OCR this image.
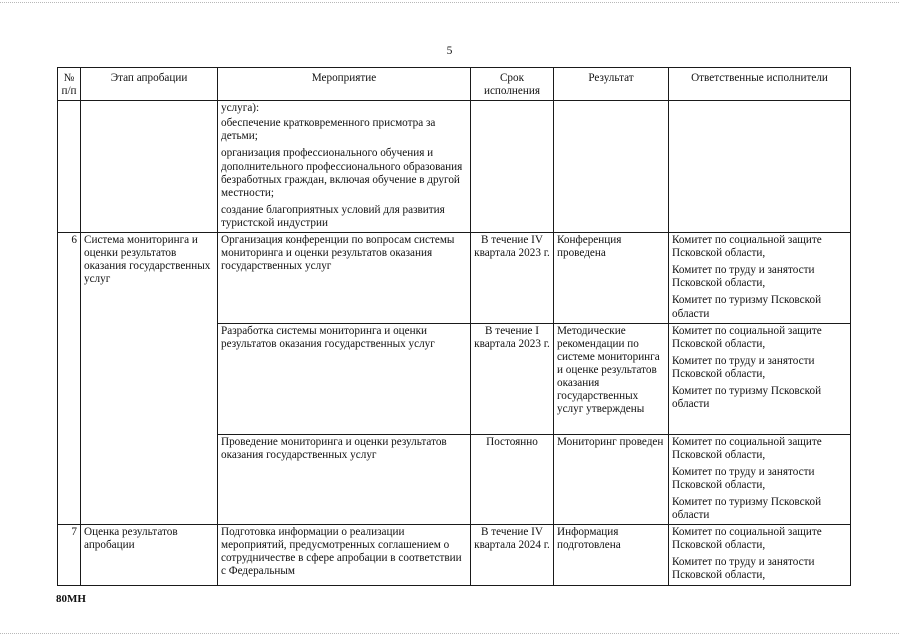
5
№ п/п	Этап апробации	Мероприятие	Срок исполнения	Результат	Ответственные исполнители

		услуга):
обеспечение кратковременного присмотра за детьми;
организация профессионального обучения и дополнительного профессионального образования безработных граждан, включая обучение в другой местности;
создание благоприятных условий для развития туристской индустрии			

6	Система мониторинга и оценки результатов оказания государственных услуг	Организация конференции по вопросам системы мониторинга и оценки результатов оказания государственных услуг	В течение IV квартала 2023 г.	Конференция проведена	Комитет по социальной защите Псковской области,
Комитет по труду и занятости Псковской области,
Комитет по туризму Псковской области

		Разработка системы мониторинга и оценки результатов оказания государственных услуг	В течение I квартала 2023 г.	Методические рекомендации по системе мониторинга и оценке результатов оказания государственных услуг утверждены	Комитет по социальной защите Псковской области,
Комитет по труду и занятости Псковской области,
Комитет по туризму Псковской области

		Проведение мониторинга и оценки результатов оказания государственных услуг	Постоянно	Мониторинг проведен	Комитет по социальной защите Псковской области,
Комитет по труду и занятости Псковской области,
Комитет по туризму Псковской области

7	Оценка результатов апробации	Подготовка информации о реализации мероприятий, предусмотренных соглашением о сотрудничестве в сфере апробации в соответствии с Федеральным	В течение IV квартала 2024 г.	Информация подготовлена	Комитет по социальной защите Псковской области,
Комитет по труду и занятости Псковской области,
80МН
